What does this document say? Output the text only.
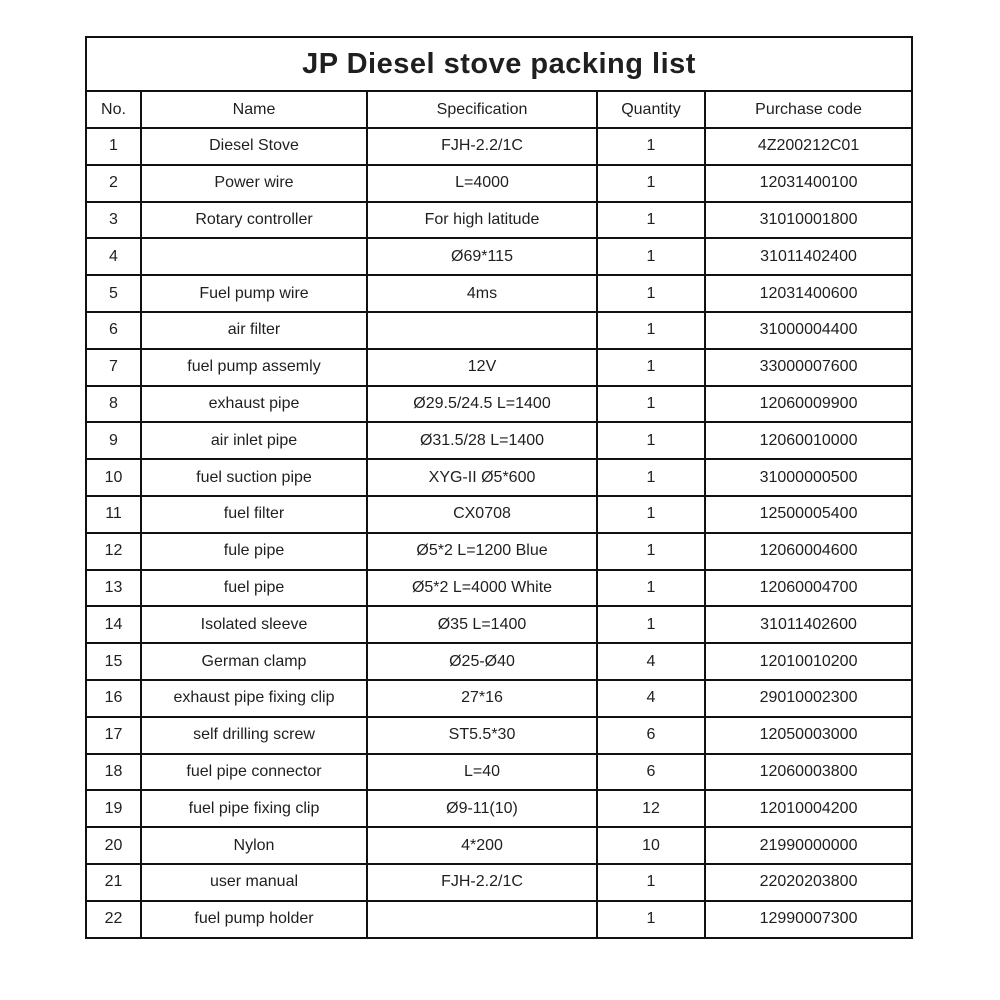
JP Diesel stove packing list				
No.	Name	Specification	Quantity	Purchase code
1	Diesel Stove	FJH-2.2/1C	1	4Z200212C01
2	Power wire	L=4000	1	12031400100
3	Rotary controller	For high latitude	1	31010001800
4		Ø69*115	1	31011402400
5	Fuel pump wire	4ms	1	12031400600
6	air filter		1	31000004400
7	fuel pump assemly	12V	1	33000007600
8	exhaust pipe	Ø29.5/24.5 L=1400	1	12060009900
9	air inlet pipe	Ø31.5/28 L=1400	1	12060010000
10	fuel suction pipe	XYG-II Ø5*600	1	31000000500
11	fuel filter	CX0708	1	12500005400
12	fule pipe	Ø5*2 L=1200 Blue	1	12060004600
13	fuel pipe	Ø5*2 L=4000 White	1	12060004700
14	Isolated sleeve	Ø35 L=1400	1	31011402600
15	German clamp	Ø25-Ø40	4	12010010200
16	exhaust pipe fixing clip	27*16	4	29010002300
17	self drilling screw	ST5.5*30	6	12050003000
18	fuel pipe connector	L=40	6	12060003800
19	fuel pipe fixing clip	Ø9-11(10)	12	12010004200
20	Nylon	4*200	10	21990000000
21	user manual	FJH-2.2/1C	1	22020203800
22	fuel pump holder		1	12990007300
